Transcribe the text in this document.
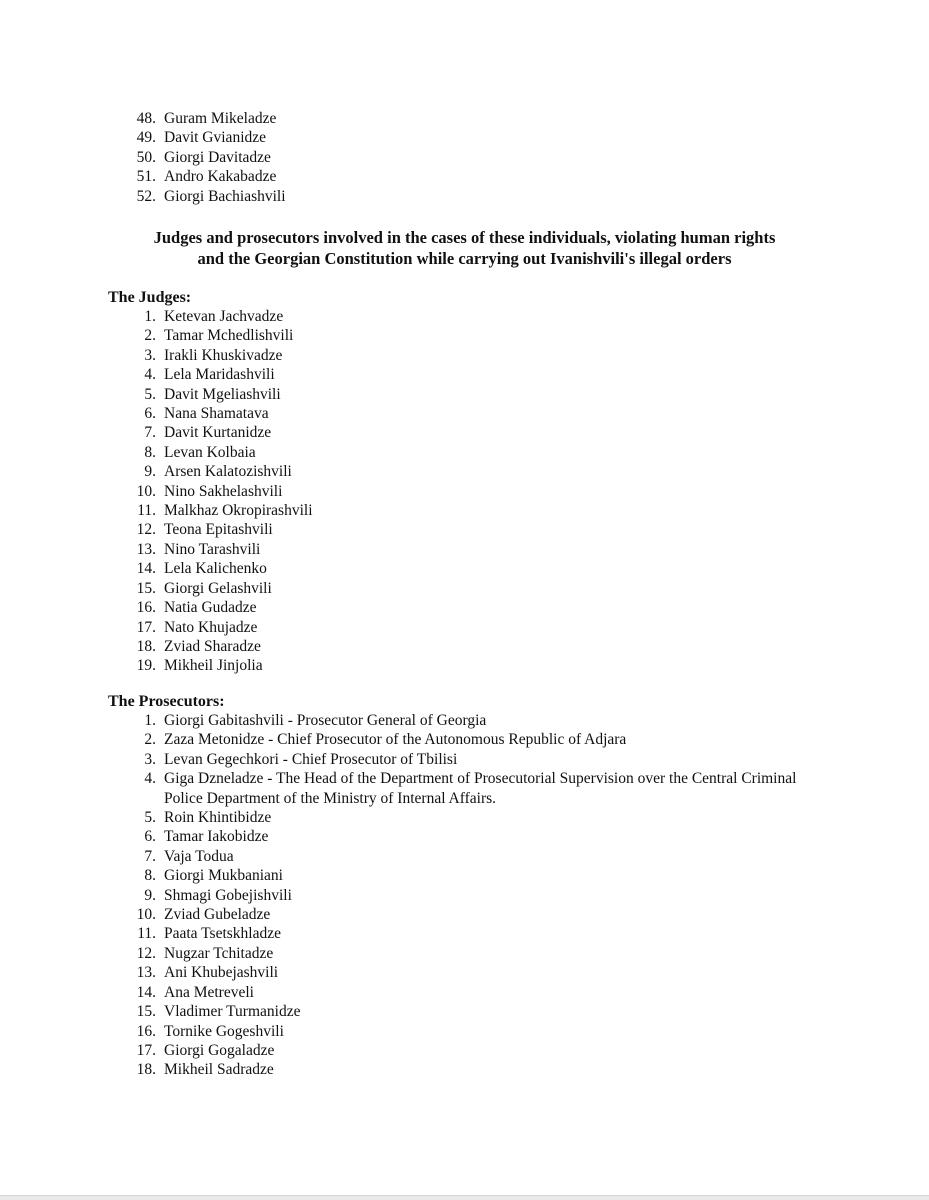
48. Guram Mikeladze
49. Davit Gvianidze
50. Giorgi Davitadze
51. Andro Kakabadze
52. Giorgi Bachiashvili
Judges and prosecutors involved in the cases of these individuals, violating human rights
and the Georgian Constitution while carrying out Ivanishvili's illegal orders
The Judges:
1. Ketevan Jachvadze
2. Tamar Mchedlishvili
3. Irakli Khuskivadze
4. Lela Maridashvili
5. Davit Mgeliashvili
6. Nana Shamatava
7. Davit Kurtanidze
8. Levan Kolbaia
9. Arsen Kalatozishvili
10. Nino Sakhelashvili
11. Malkhaz Okropirashvili
12. Teona Epitashvili
13. Nino Tarashvili
14. Lela Kalichenko
15. Giorgi Gelashvili
16. Natia Gudadze
17. Nato Khujadze
18. Zviad Sharadze
19. Mikheil Jinjolia
The Prosecutors:
1. Giorgi Gabitashvili - Prosecutor General of Georgia
2. Zaza Metonidze - Chief Prosecutor of the Autonomous Republic of Adjara
3. Levan Gegechkori - Chief Prosecutor of Tbilisi
4. Giga Dzneladze - The Head of the Department of Prosecutorial Supervision over the Central Criminal Police Department of the Ministry of Internal Affairs.
5. Roin Khintibidze
6. Tamar Iakobidze
7. Vaja Todua
8. Giorgi Mukbaniani
9. Shmagi Gobejishvili
10. Zviad Gubeladze
11. Paata Tsetskhladze
12. Nugzar Tchitadze
13. Ani Khubejashvili
14. Ana Metreveli
15. Vladimer Turmanidze
16. Tornike Gogeshvili
17. Giorgi Gogaladze
18. Mikheil Sadradze
